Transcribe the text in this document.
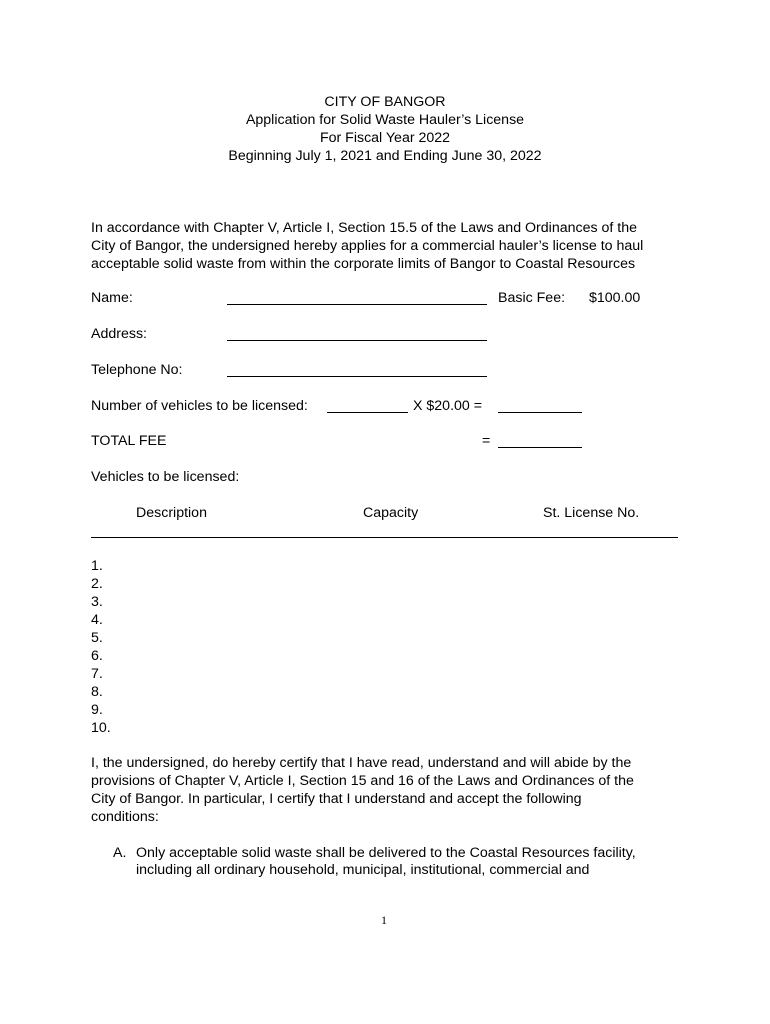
CITY OF BANGOR
Application for Solid Waste Hauler’s License
For Fiscal Year 2022
Beginning July 1, 2021 and Ending June 30, 2022
In accordance with Chapter V, Article I, Section 15.5 of the Laws and Ordinances of the
City of Bangor, the undersigned hereby applies for a commercial hauler’s license to haul
acceptable solid waste from within the corporate limits of Bangor to Coastal Resources
Name:	Basic Fee: $100.00
Address:
Telephone No:
Number of vehicles to be licensed:	X $20.00 =
TOTAL FEE	=
Vehicles to be licensed:
Description	Capacity	St. License No.
1.
2.
3.
4.
5.
6.
7.
8.
9.
10.
I, the undersigned, do hereby certify that I have read, understand and will abide by the
provisions of Chapter V, Article I, Section 15 and 16 of the Laws and Ordinances of the
City of Bangor. In particular, I certify that I understand and accept the following
conditions:
A. Only acceptable solid waste shall be delivered to the Coastal Resources facility,
including all ordinary household, municipal, institutional, commercial and
1
